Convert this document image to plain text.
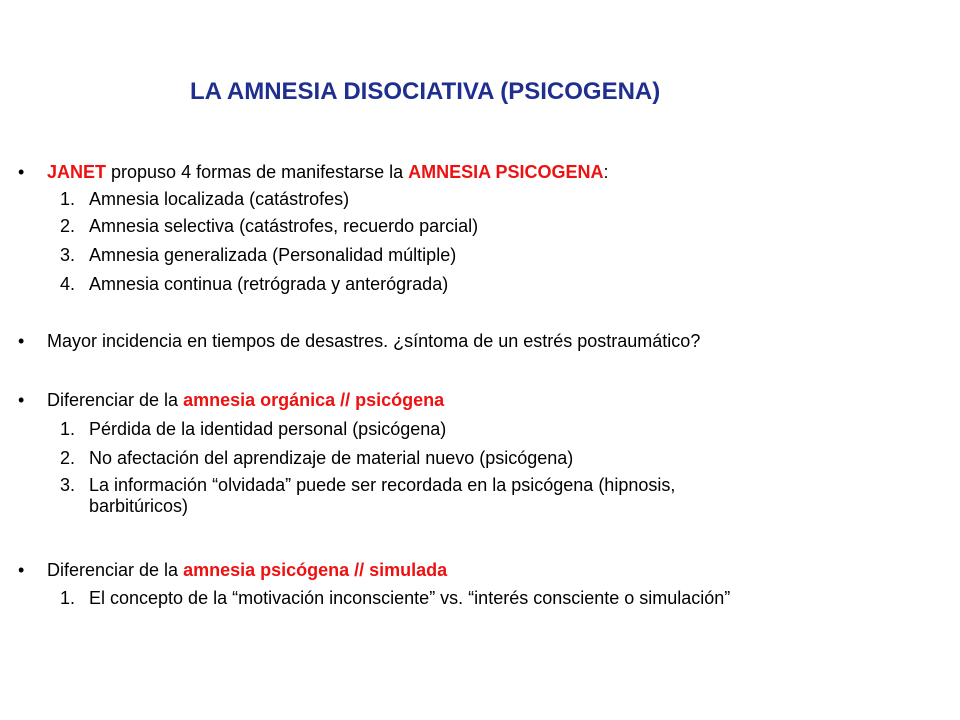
LA AMNESIA DISOCIATIVA (PSICOGENA)
• JANET propuso 4 formas de manifestarse la AMNESIA PSICOGENA:
1. Amnesia localizada (catástrofes)
2. Amnesia selectiva (catástrofes, recuerdo parcial)
3. Amnesia generalizada (Personalidad múltiple)
4. Amnesia continua (retrógrada y anterógrada)
• Mayor incidencia en tiempos de desastres. ¿síntoma de un estrés postraumático?
• Diferenciar de la amnesia orgánica // psicógena
1. Pérdida de la identidad personal (psicógena)
2. No afectación del aprendizaje de material nuevo (psicógena)
3. La información “olvidada” puede ser recordada en la psicógena (hipnosis,
barbitúricos)
• Diferenciar de la amnesia psicógena // simulada
1. El concepto de la “motivación inconsciente” vs. “interés consciente o simulación”
